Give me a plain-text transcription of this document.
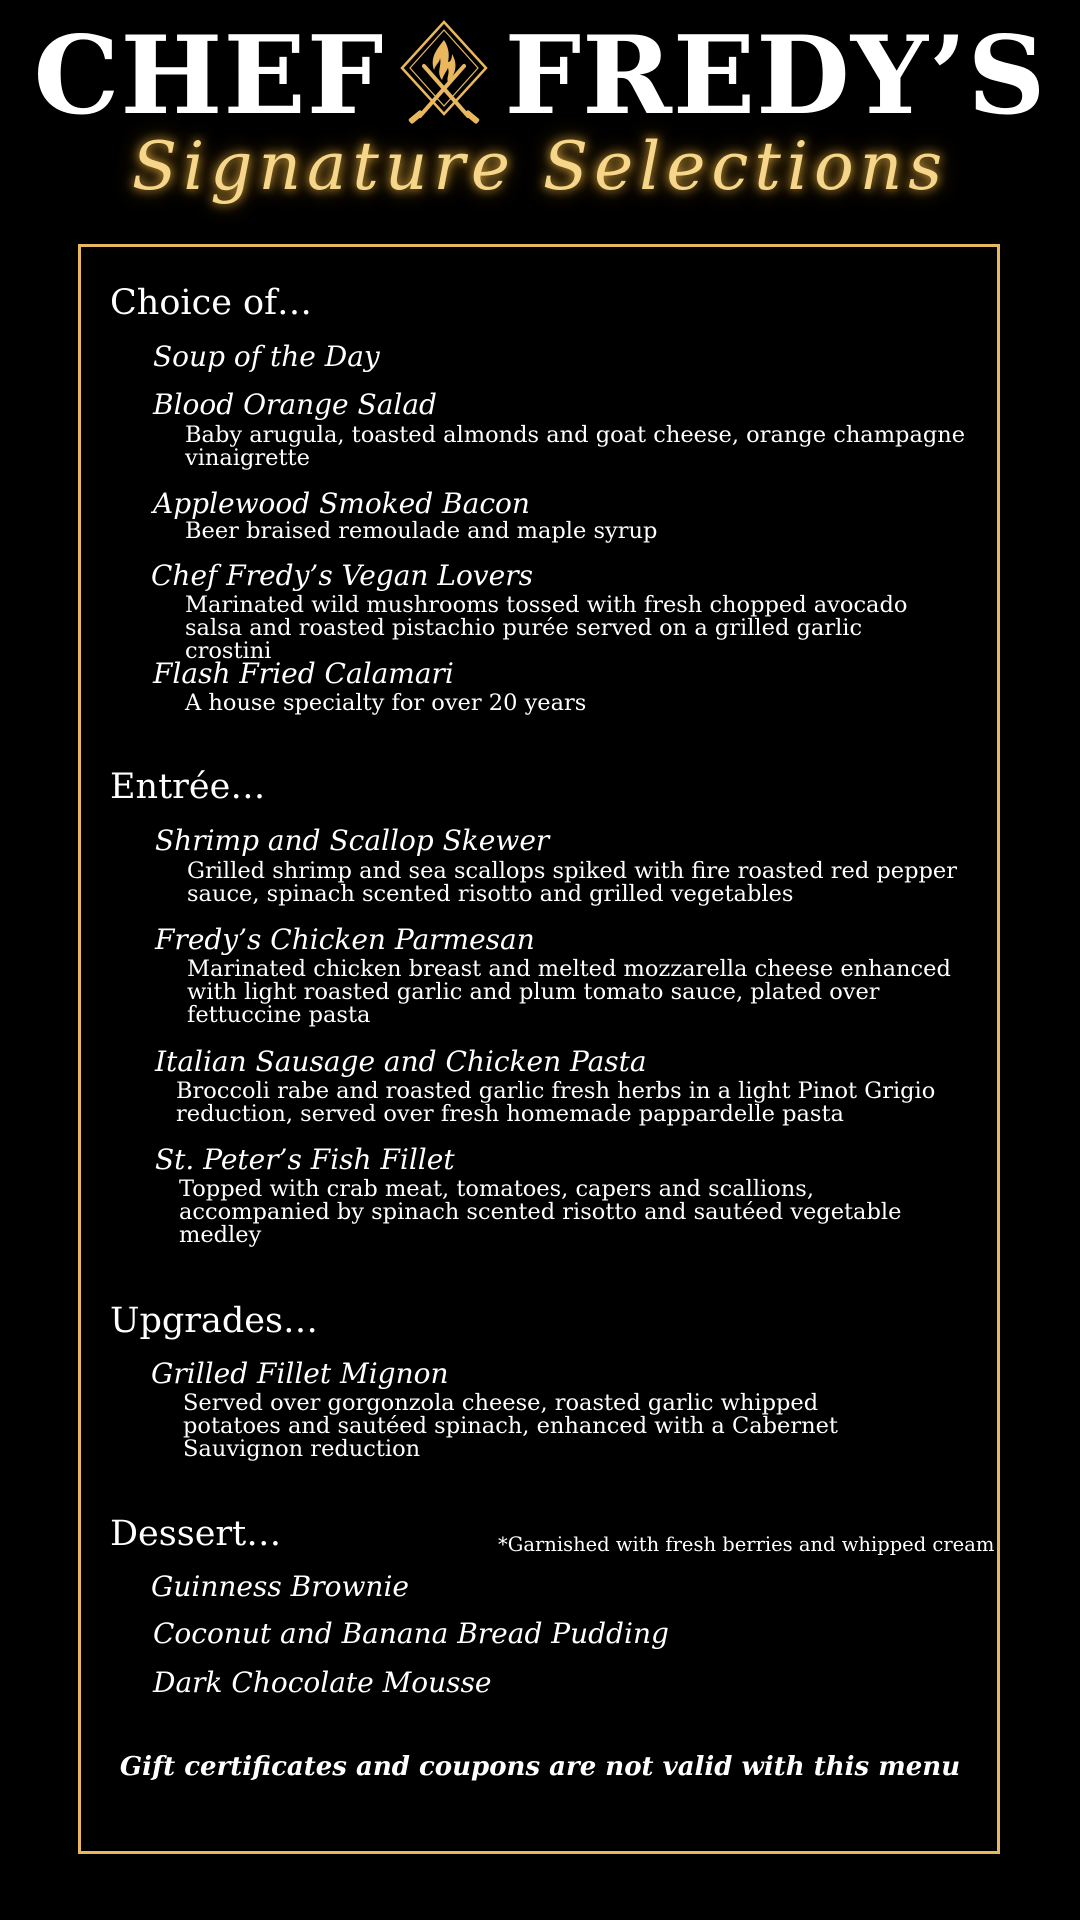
CHEF FREDY’S
Signature Selections
Choice of…
Soup of the Day
Blood Orange Salad
Baby arugula, toasted almonds and goat cheese, orange champagne vinaigrette
Applewood Smoked Bacon
Beer braised remoulade and maple syrup
Chef Fredy’s Vegan Lovers
Marinated wild mushrooms tossed with fresh chopped avocado salsa and roasted pistachio purée served on a grilled garlic crostini
Flash Fried Calamari
A house specialty for over 20 years
Entrée…
Shrimp and Scallop Skewer
Grilled shrimp and sea scallops spiked with fire roasted red pepper sauce, spinach scented risotto and grilled vegetables
Fredy’s Chicken Parmesan
Marinated chicken breast and melted mozzarella cheese enhanced with light roasted garlic and plum tomato sauce, plated over fettuccine pasta
Italian Sausage and Chicken Pasta
Broccoli rabe and roasted garlic fresh herbs in a light Pinot Grigio reduction, served over fresh homemade pappardelle pasta
St. Peter’s Fish Fillet
Topped with crab meat, tomatoes, capers and scallions, accompanied by spinach scented risotto and sautéed vegetable medley
Upgrades…
Grilled Fillet Mignon
Served over gorgonzola cheese, roasted garlic whipped potatoes and sautéed spinach, enhanced with a Cabernet Sauvignon reduction
Dessert…	*Garnished with fresh berries and whipped cream
Guinness Brownie
Coconut and Banana Bread Pudding
Dark Chocolate Mousse
Gift certificates and coupons are not valid with this menu
